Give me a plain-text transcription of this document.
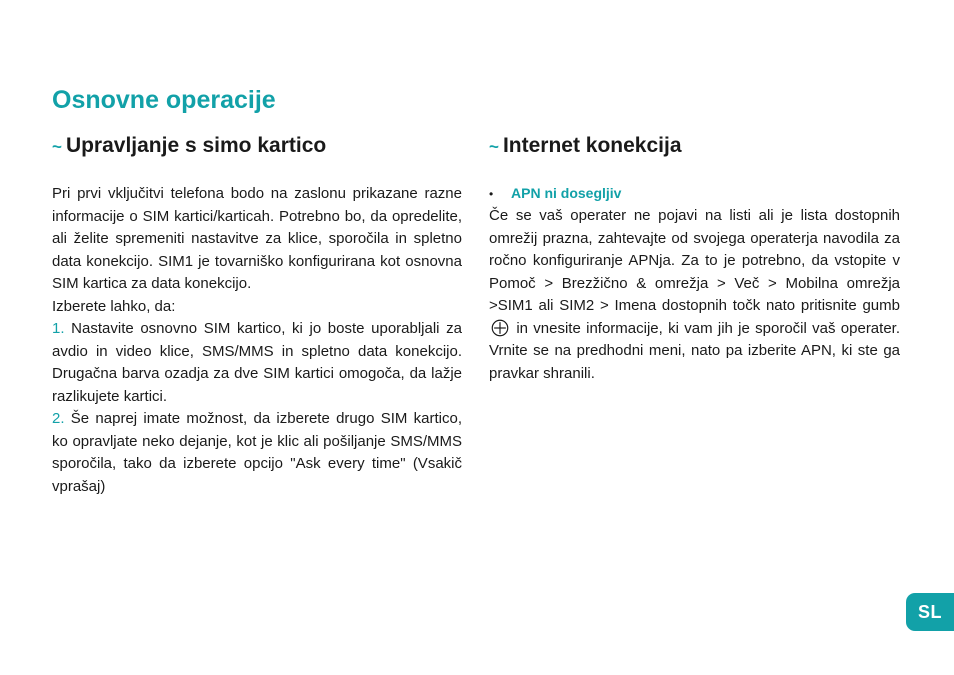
Osnovne operacije
~ Upravljanje s simo kartico

Pri prvi vključitvi telefona bodo na zaslonu prikazane razne informacije o SIM kartici/karticah. Potrebno bo, da opredelite, ali želite spremeniti nastavitve za klice, sporočila in spletno data konekcijo. SIM1 je tovarniško konfigurirana kot osnovna SIM kartica za data konekcijo.

Izberete lahko, da:

1. Nastavite osnovno SIM kartico, ki jo boste uporabljali za avdio in video klice, SMS/MMS in spletno data konekcijo. Drugačna barva ozadja za dve SIM kartici omogoča, da lažje razlikujete kartici.

2. Še naprej imate možnost, da izberete drugo SIM kartico, ko opravljate neko dejanje, kot je klic ali pošiljanje SMS/MMS sporočila, tako da izberete opcijo "Ask every time" (Vsakič vprašaj)

~ Internet konekcija

• APN ni dosegljiv

Če se vaš operater ne pojavi na listi ali je lista dostopnih omrežij prazna, zahtevajte od svojega operaterja navodila za ročno konfiguriranje APNja. Za to je potrebno, da vstopite v Pomoč > Brezžično & omrežja > Več > Mobilna omrežja >SIM1 ali SIM2 > Imena dostopnih točk nato pritisnite gumb  in vnesite informacije, ki vam jih je sporočil vaš operater. Vrnite se na predhodni meni, nato pa izberite APN, ki ste ga pravkar shranili.

SL
